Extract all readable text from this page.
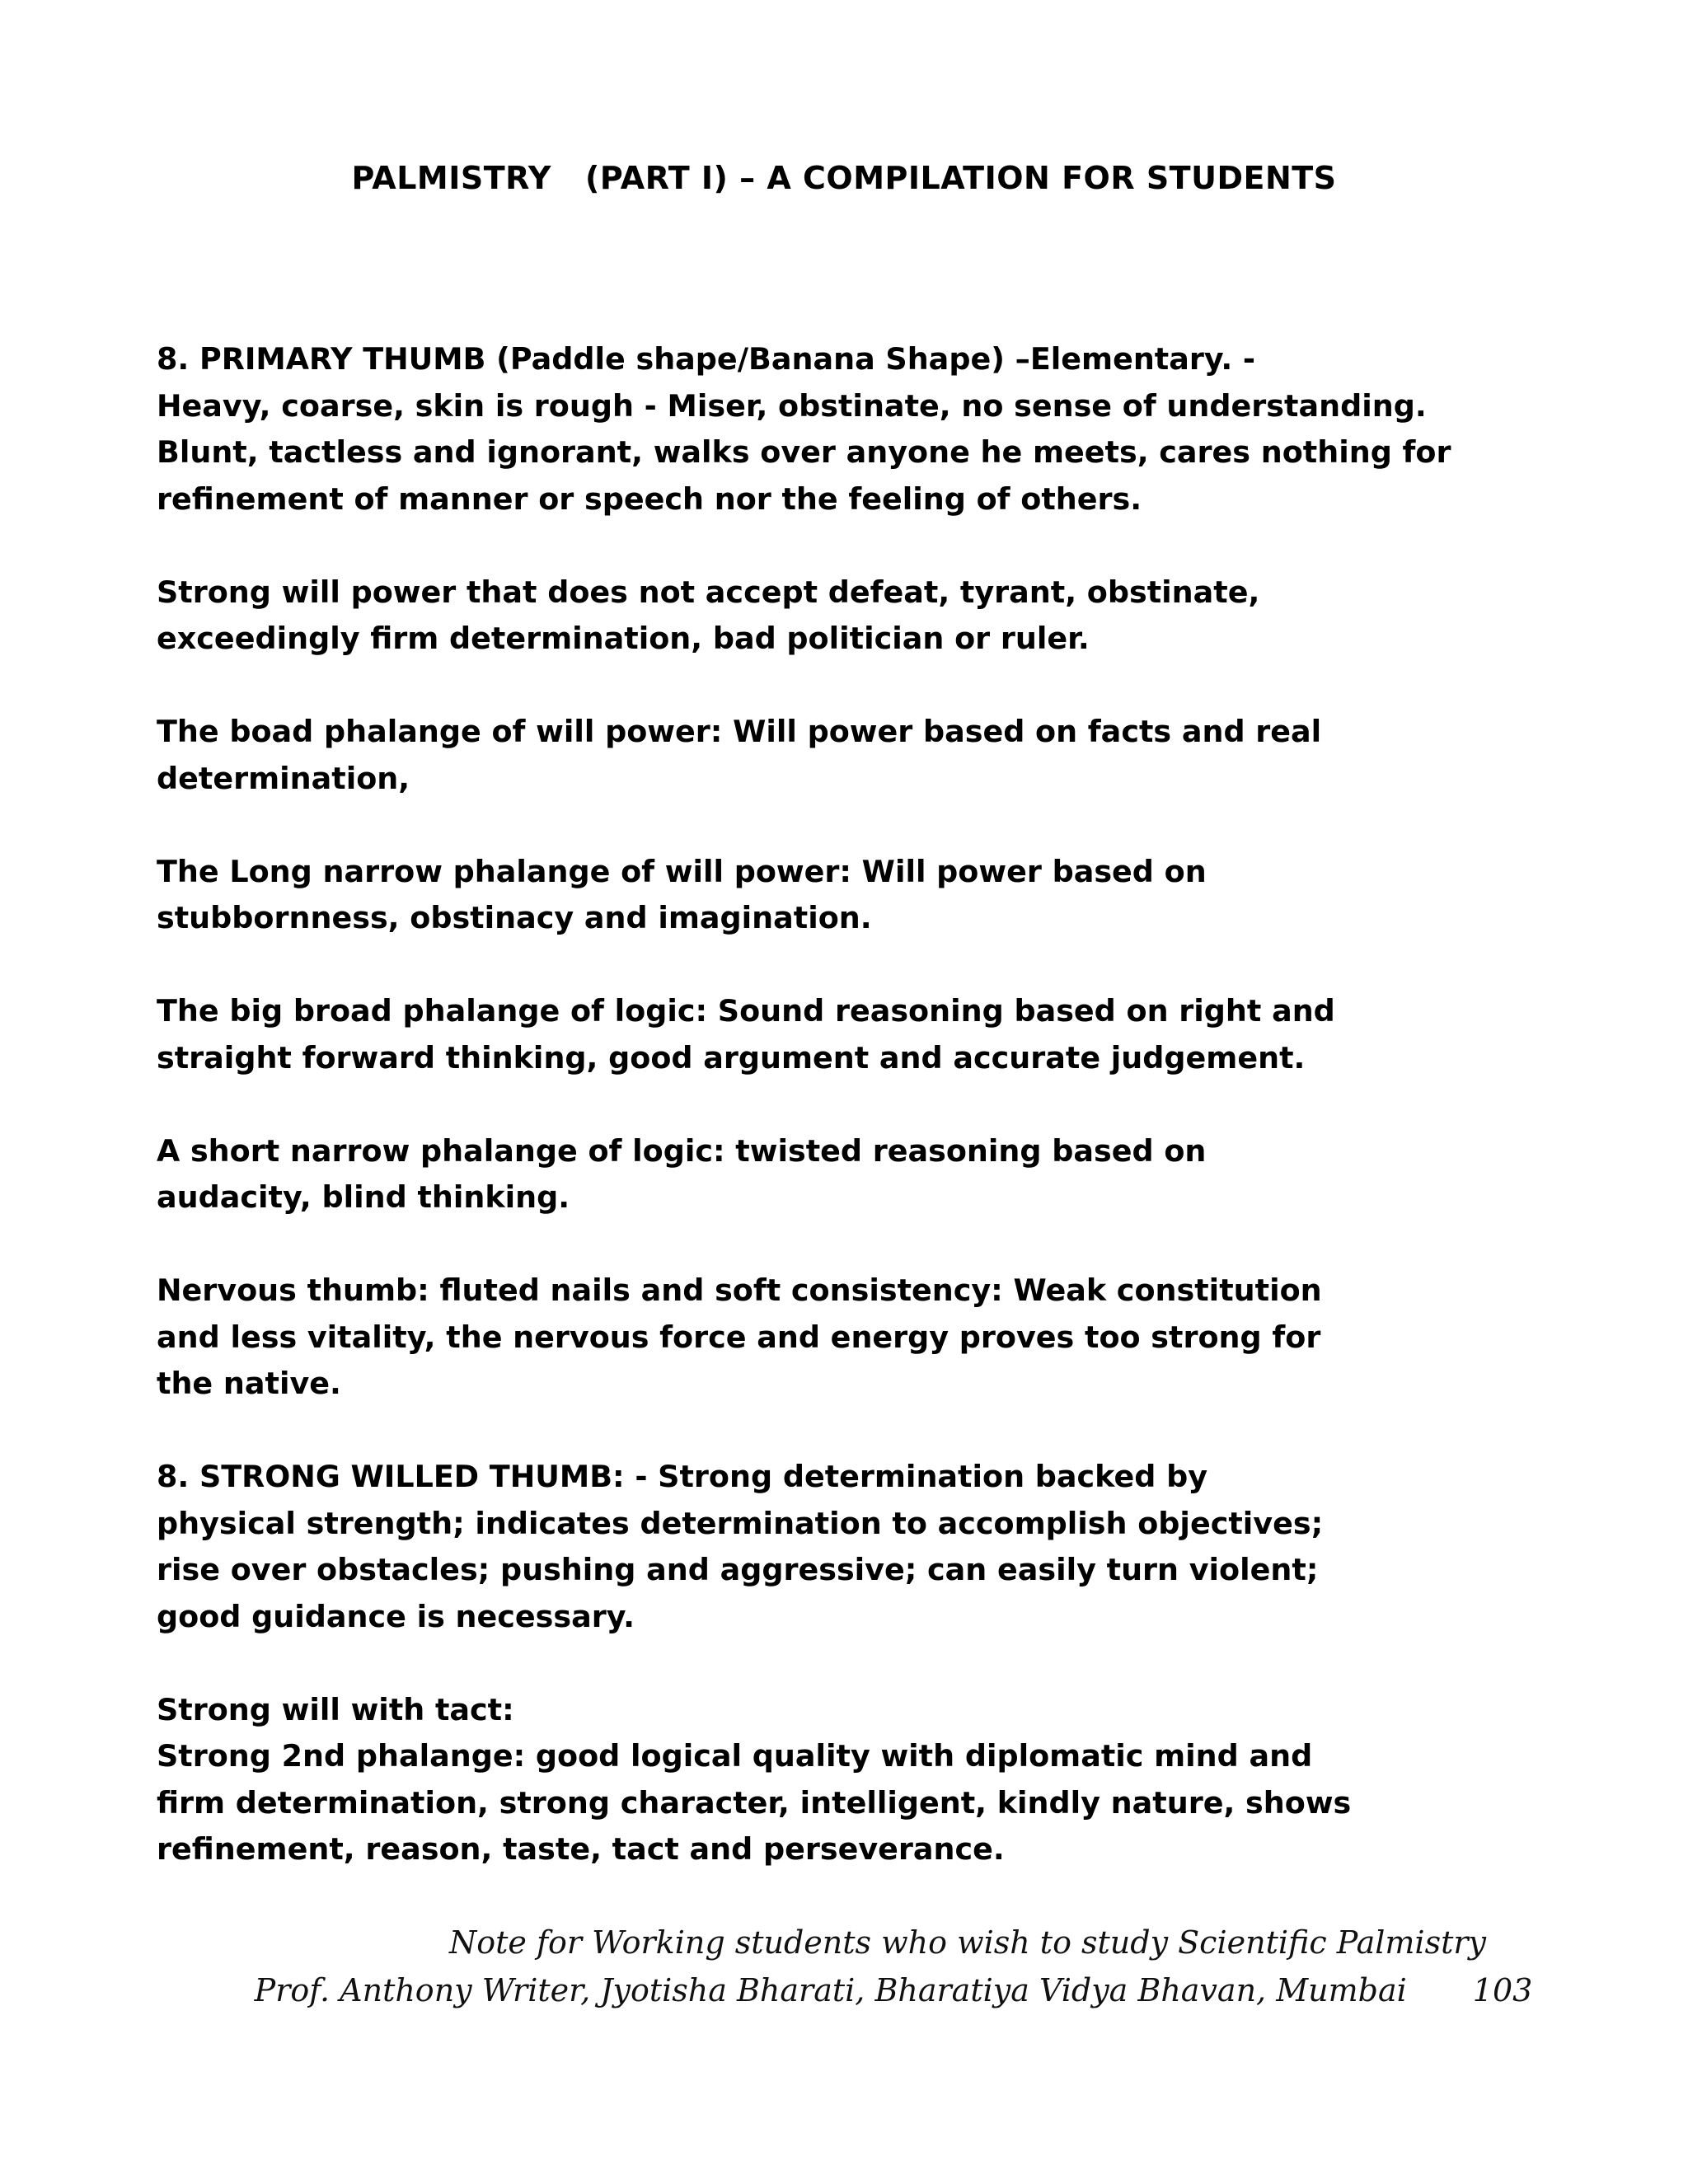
PALMISTRY   (PART I) – A COMPILATION FOR STUDENTS
8. PRIMARY THUMB (Paddle shape/Banana Shape) –Elementary. -
Heavy, coarse, skin is rough - Miser, obstinate, no sense of understanding.
Blunt, tactless and ignorant, walks over anyone he meets, cares nothing for
refinement of manner or speech nor the feeling of others.
Strong will power that does not accept defeat, tyrant, obstinate,
exceedingly firm determination, bad politician or ruler.
The boad phalange of will power: Will power based on facts and real
determination,
The Long narrow phalange of will power: Will power based on
stubbornness, obstinacy and imagination.
The big broad phalange of logic: Sound reasoning based on right and
straight forward thinking, good argument and accurate judgement.
A short narrow phalange of logic: twisted reasoning based on
audacity, blind thinking.
Nervous thumb: fluted nails and soft consistency: Weak constitution
and less vitality, the nervous force and energy proves too strong for
the native.
8. STRONG WILLED THUMB: - Strong determination backed by
physical strength; indicates determination to accomplish objectives;
rise over obstacles; pushing and aggressive; can easily turn violent;
good guidance is necessary.
Strong will with tact:
Strong 2nd phalange: good logical quality with diplomatic mind and
firm determination, strong character, intelligent, kindly nature, shows
refinement, reason, taste, tact and perseverance.
Note for Working students who wish to study Scientific Palmistry
Prof. Anthony Writer, Jyotisha Bharati, Bharatiya Vidya Bhavan, Mumbai 103
